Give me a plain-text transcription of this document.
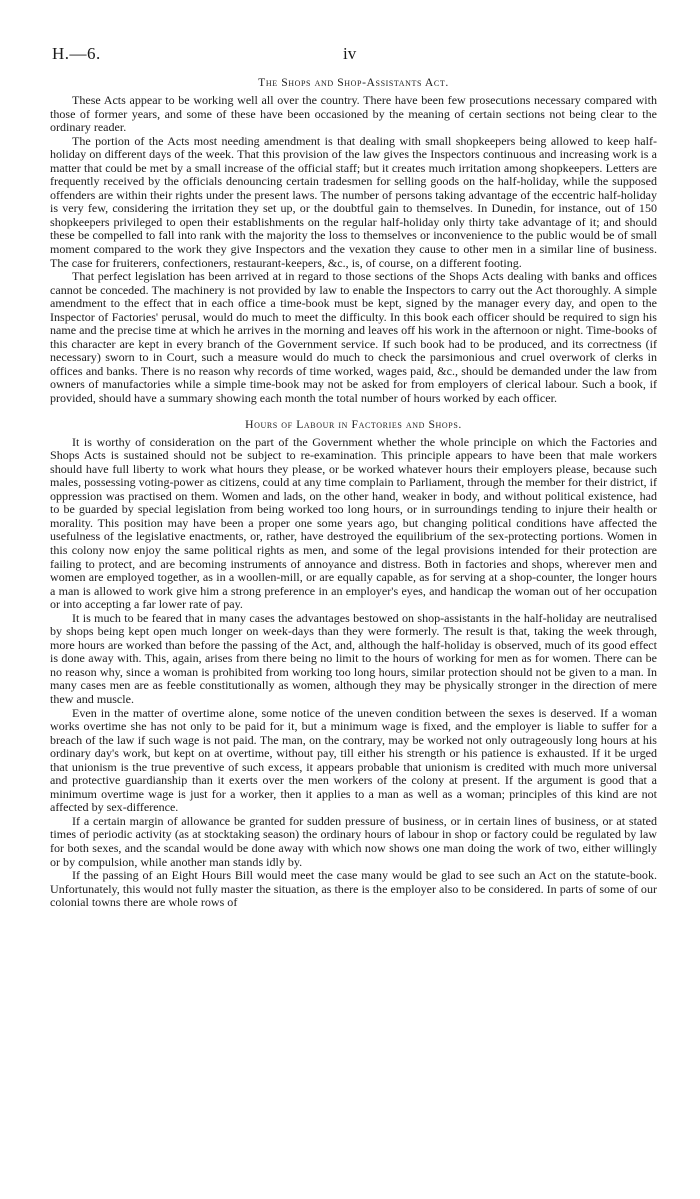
H.—6.	iv
The Shops and Shop-Assistants Act.

These Acts appear to be working well all over the country. There have been few prosecutions necessary compared with those of former years, and some of these have been occasioned by the meaning of certain sections not being clear to the ordinary reader.

The portion of the Acts most needing amendment is that dealing with small shopkeepers being allowed to keep half-holiday on different days of the week. That this provision of the law gives the Inspectors continuous and increasing work is a matter that could be met by a small increase of the official staff; but it creates much irritation among shopkeepers. Letters are frequently received by the officials denouncing certain tradesmen for selling goods on the half-holiday, while the supposed offenders are within their rights under the present laws. The number of persons taking advantage of the eccentric half-holiday is very few, considering the irritation they set up, or the doubtful gain to themselves. In Dunedin, for instance, out of 150 shopkeepers privileged to open their establishments on the regular half-holiday only thirty take advantage of it; and should these be compelled to fall into rank with the majority the loss to themselves or inconvenience to the public would be of small moment compared to the work they give Inspectors and the vexation they cause to other men in a similar line of business. The case for fruiterers, confectioners, restaurant-keepers, &c., is, of course, on a different footing.

That perfect legislation has been arrived at in regard to those sections of the Shops Acts dealing with banks and offices cannot be conceded. The machinery is not provided by law to enable the Inspectors to carry out the Act thoroughly. A simple amendment to the effect that in each office a time-book must be kept, signed by the manager every day, and open to the Inspector of Factories' perusal, would do much to meet the difficulty. In this book each officer should be required to sign his name and the precise time at which he arrives in the morning and leaves off his work in the afternoon or night. Time-books of this character are kept in every branch of the Government service. If such book had to be produced, and its correctness (if necessary) sworn to in Court, such a measure would do much to check the parsimonious and cruel overwork of clerks in offices and banks. There is no reason why records of time worked, wages paid, &c., should be demanded under the law from owners of manufactories while a simple time-book may not be asked for from employers of clerical labour. Such a book, if provided, should have a summary showing each month the total number of hours worked by each officer.

Hours of Labour in Factories and Shops.

It is worthy of consideration on the part of the Government whether the whole principle on which the Factories and Shops Acts is sustained should not be subject to re-examination. This principle appears to have been that male workers should have full liberty to work what hours they please, or be worked whatever hours their employers please, because such males, possessing voting-power as citizens, could at any time complain to Parliament, through the member for their district, if oppression was practised on them. Women and lads, on the other hand, weaker in body, and without political existence, had to be guarded by special legislation from being worked too long hours, or in surroundings tending to injure their health or morality. This position may have been a proper one some years ago, but changing political conditions have affected the usefulness of the legislative enactments, or, rather, have destroyed the equilibrium of the sex-protecting portions. Women in this colony now enjoy the same political rights as men, and some of the legal provisions intended for their protection are failing to protect, and are becoming instruments of annoyance and distress. Both in factories and shops, wherever men and women are employed together, as in a woollen-mill, or are equally capable, as for serving at a shop-counter, the longer hours a man is allowed to work give him a strong preference in an employer's eyes, and handicap the woman out of her occupation or into accepting a far lower rate of pay.

It is much to be feared that in many cases the advantages bestowed on shop-assistants in the half-holiday are neutralised by shops being kept open much longer on week-days than they were formerly. The result is that, taking the week through, more hours are worked than before the passing of the Act, and, although the half-holiday is observed, much of its good effect is done away with. This, again, arises from there being no limit to the hours of working for men as for women. There can be no reason why, since a woman is prohibited from working too long hours, similar protection should not be given to a man. In many cases men are as feeble constitutionally as women, although they may be physically stronger in the direction of mere thew and muscle.

Even in the matter of overtime alone, some notice of the uneven condition between the sexes is deserved. If a woman works overtime she has not only to be paid for it, but a minimum wage is fixed, and the employer is liable to suffer for a breach of the law if such wage is not paid. The man, on the contrary, may be worked not only outrageously long hours at his ordinary day's work, but kept on at overtime, without pay, till either his strength or his patience is exhausted. If it be urged that unionism is the true preventive of such excess, it appears probable that unionism is credited with much more universal and protective guardianship than it exerts over the men workers of the colony at present. If the argument is good that a minimum overtime wage is just for a worker, then it applies to a man as well as a woman; principles of this kind are not affected by sex-difference.

If a certain margin of allowance be granted for sudden pressure of business, or in certain lines of business, or at stated times of periodic activity (as at stocktaking season) the ordinary hours of labour in shop or factory could be regulated by law for both sexes, and the scandal would be done away with which now shows one man doing the work of two, either willingly or by compulsion, while another man stands idly by.

If the passing of an Eight Hours Bill would meet the case many would be glad to see such an Act on the statute-book. Unfortunately, this would not fully master the situation, as there is the employer also to be considered. In parts of some of our colonial towns there are whole rows of
